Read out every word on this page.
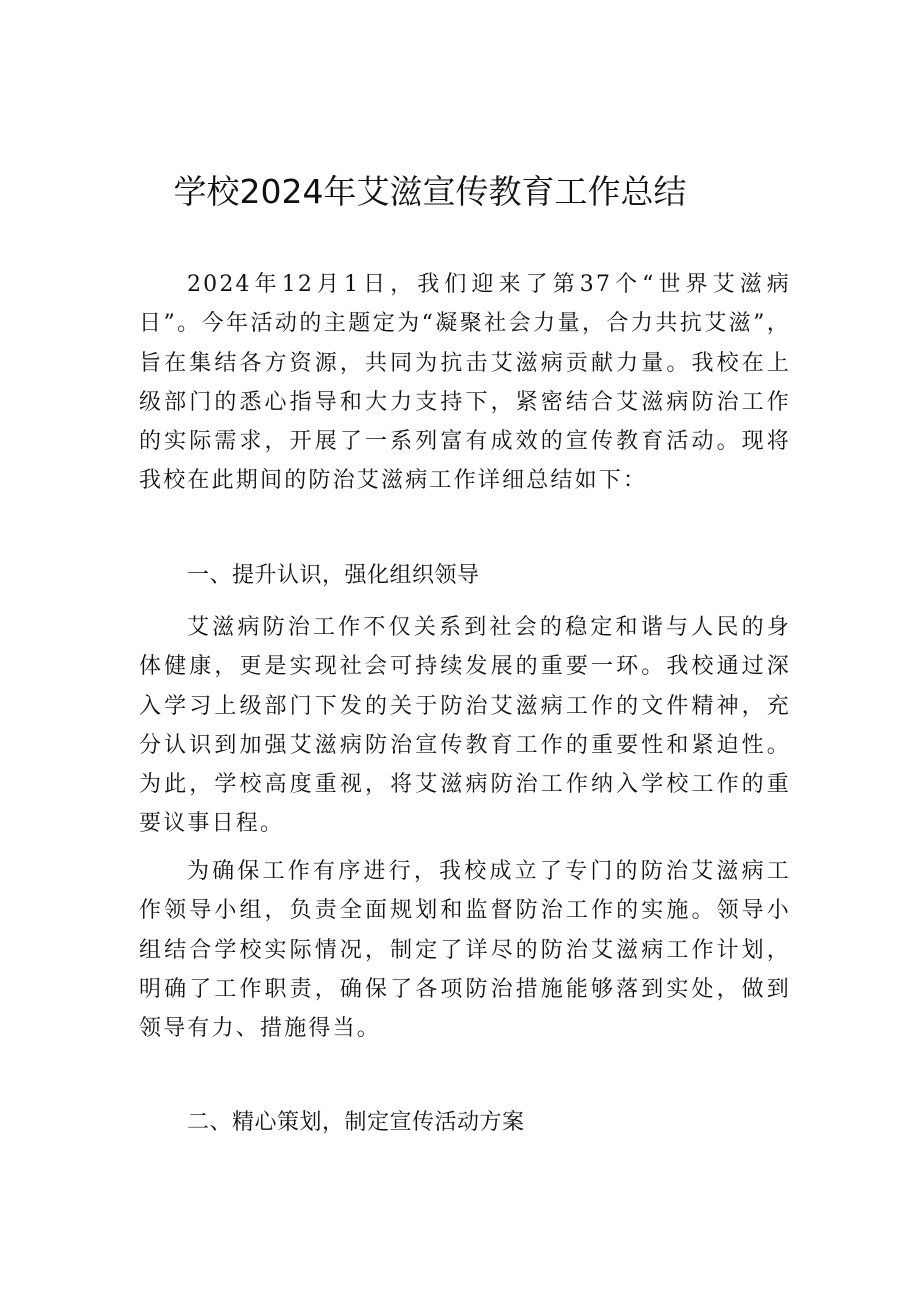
学校2024年艾滋宣传教育工作总结

2024年12月1日，我们迎来了第37个“世界艾滋病日”。今年活动的主题定为“凝聚社会力量，合力共抗艾滋”，旨在集结各方资源，共同为抗击艾滋病贡献力量。我校在上级部门的悉心指导和大力支持下，紧密结合艾滋病防治工作的实际需求，开展了一系列富有成效的宣传教育活动。现将我校在此期间的防治艾滋病工作详细总结如下：

一、提升认识，强化组织领导

艾滋病防治工作不仅关系到社会的稳定和谐与人民的身体健康，更是实现社会可持续发展的重要一环。我校通过深入学习上级部门下发的关于防治艾滋病工作的文件精神，充分认识到加强艾滋病防治宣传教育工作的重要性和紧迫性。为此，学校高度重视，将艾滋病防治工作纳入学校工作的重要议事日程。

为确保工作有序进行，我校成立了专门的防治艾滋病工作领导小组，负责全面规划和监督防治工作的实施。领导小组结合学校实际情况，制定了详尽的防治艾滋病工作计划，明确了工作职责，确保了各项防治措施能够落到实处，做到领导有力、措施得当。

二、精心策划，制定宣传活动方案
